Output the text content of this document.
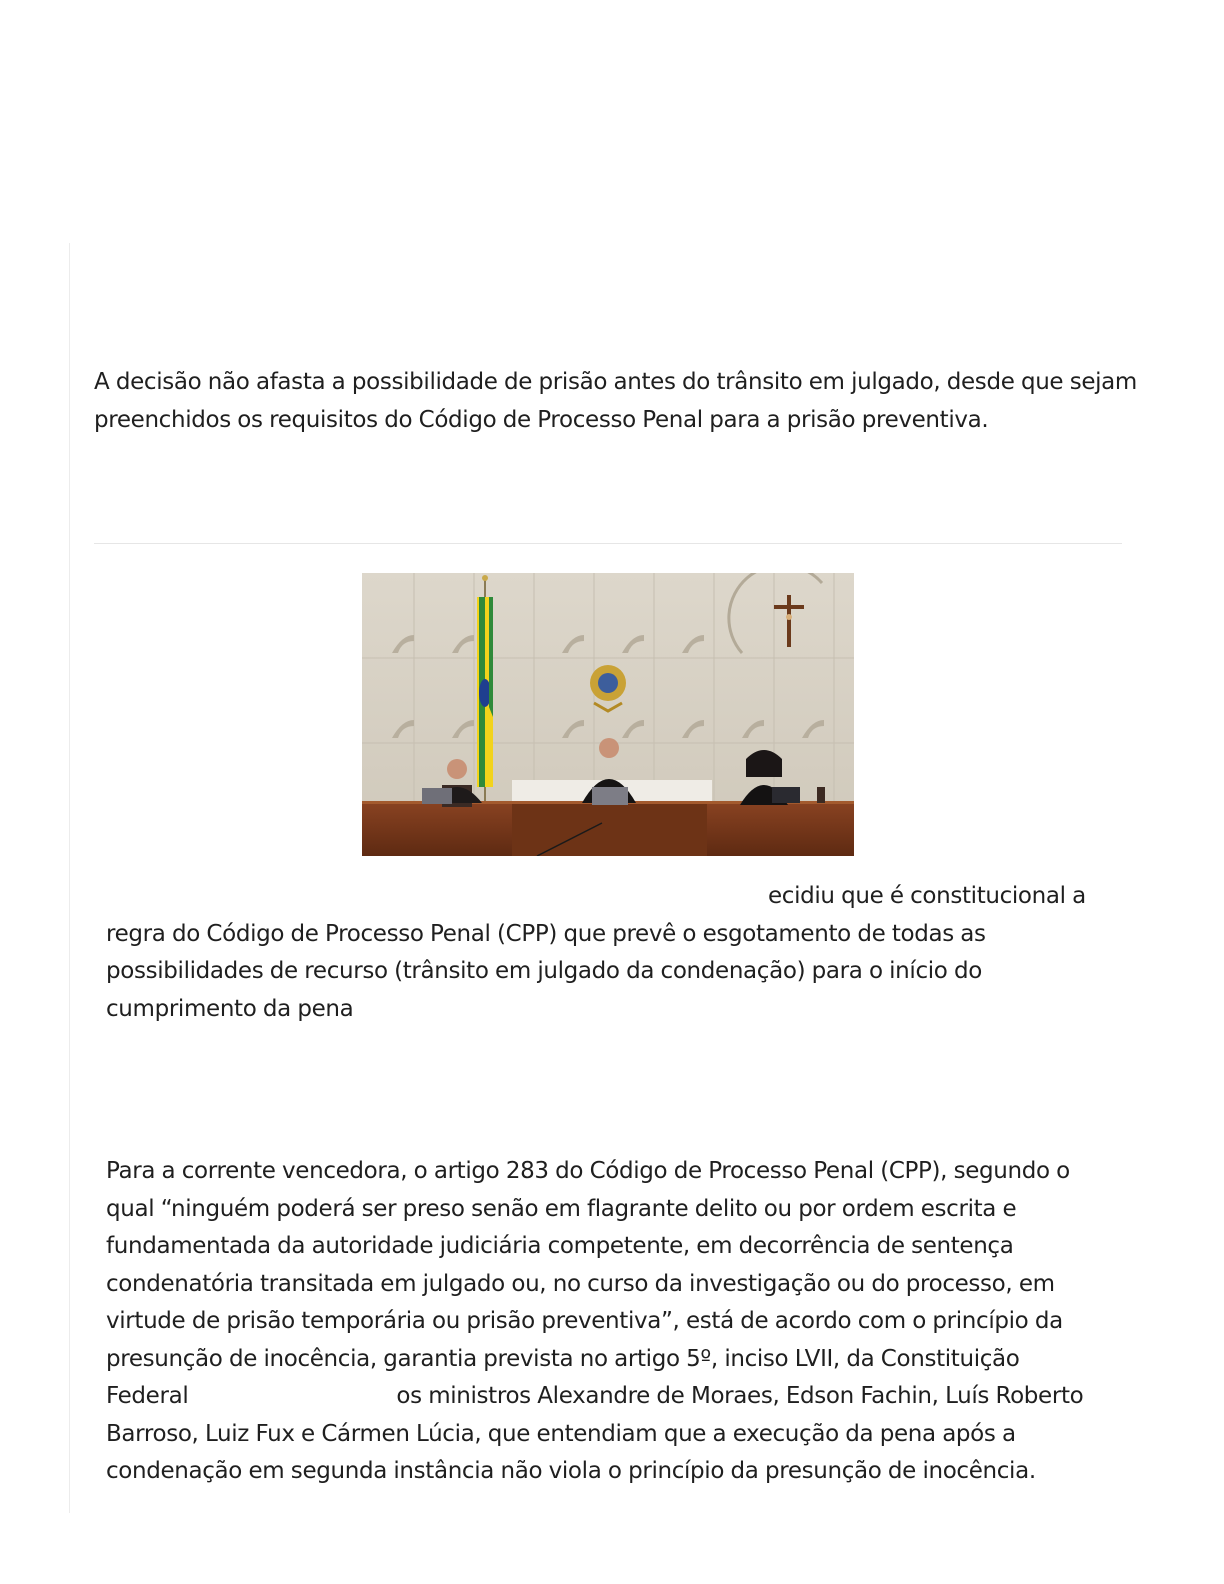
A decisão não afasta a possibilidade de prisão antes do trânsito em julgado, desde que sejam
preenchidos os requisitos do Código de Processo Penal para a prisão preventiva.

ecidiu que é constitucional a
regra do Código de Processo Penal (CPP) que prevê o esgotamento de todas as
possibilidades de recurso (trânsito em julgado da condenação) para o início do
cumprimento da pena

Para a corrente vencedora, o artigo 283 do Código de Processo Penal (CPP), segundo o
qual “ninguém poderá ser preso senão em flagrante delito ou por ordem escrita e
fundamentada da autoridade judiciária competente, em decorrência de sentença
condenatória transitada em julgado ou, no curso da investigação ou do processo, em
virtude de prisão temporária ou prisão preventiva”, está de acordo com o princípio da
presunção de inocência, garantia prevista no artigo 5º, inciso LVII, da Constituição
Federal	os ministros Alexandre de Moraes, Edson Fachin, Luís Roberto
Barroso, Luiz Fux e Cármen Lúcia, que entendiam que a execução da pena após a
condenação em segunda instância não viola o princípio da presunção de inocência.
